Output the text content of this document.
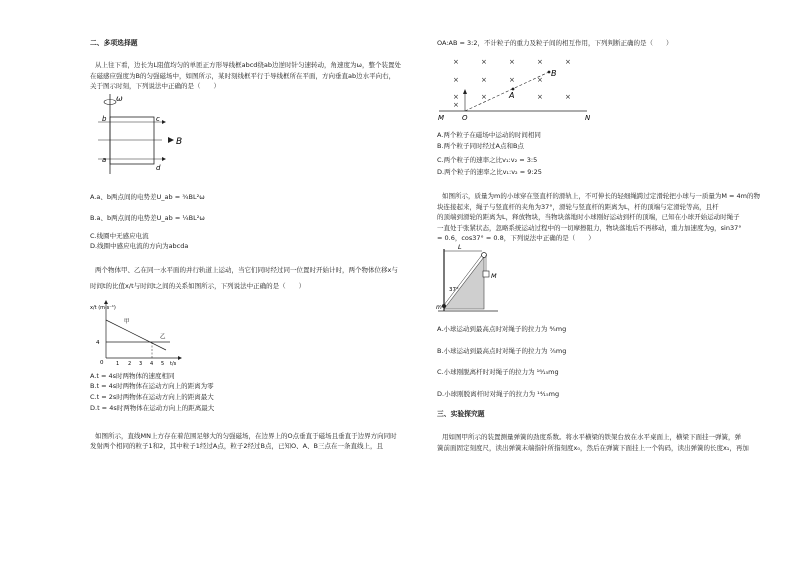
二、多项选择题
从上往下看，边长为L阻值均匀的单匝正方形导线框abcd绕ab边逆时针匀速转动，角速度为ω，整个装置处
在磁感应强度为B的匀强磁场中，如图所示，某时刻线框平行于导线框所在平面，方向垂直ab边水平向右，
关于图示时刻，下列说法中正确的是（　　）
ω
b	c
a
d
B
A.a、b两点间的电势差U_ab = ¾BL²ω
B.a、b两点间的电势差U_ab = ¼BL²ω
C.线圈中无感应电流
D.线圈中感应电流的方向为abcda
两个物体甲、乙在同一水平面的并行轨道上运动，当它们同时经过同一位置时开始计时，两个物体位移x与
时间t的比值x/t与时间t之间的关系如图所示，下列说法中正确的是（　　）
x/t (m·s⁻¹)
4
0
甲
乙
1 2 3 4 5 t/s
A.t = 4s时两物体的速度相同
B.t = 4s时两物体在运动方向上的距离为零
C.t = 2s时两物体在运动方向上的距离最大
D.t = 4s时两物体在运动方向上的距离最大
如图所示，直线MN上方存在着范围足够大的匀强磁场，在边界上的O点垂直于磁场且垂直于边界方向同时
发射两个相同的粒子1和2，其中粒子1经过A点，粒子2经过B点，已知O、A、B三点在一条直线上，且
OA:AB = 3:2，不计粒子的重力及粒子间的相互作用，下列判断正确的是（　　）
×	×	×	×	×
×	×	×	×
×	×	×	×
×
A
B
M	O	N
A.两个粒子在磁场中运动的时间相同
B.两个粒子同时经过A点和B点
C.两个粒子的速率之比v₁:v₂ = 3:5
D.两个粒子的速率之比v₁:v₂ = 9:25
如图所示，质量为m的小球穿在竖直杆的滑轨上，不可伸长的轻细绳跨过定滑轮把小球与一质量为M = 4m的物
块连接起来，绳子与竖直杆的夹角为37°，滑轮与竖直杆的距离为L，杆的顶端与定滑轮等高，且杆
的顶端到滑轮的距离为L，释放物块，当物块落地时小球刚好运动到杆的顶端，已知在小球开始运动时绳子
一直处于张紧状态，忽略系统运动过程中的一切摩擦阻力，物块落地后不再移动，重力加速度为g，sin37°
= 0.6，cos37° = 0.8，下列说法中正确的是（　　）
L
M
37°
m
A.小球运动到最高点时对绳子的拉力为 ⁸⁄₅mg
B.小球运动到最高点时对绳子的拉力为 ⁷⁄₅mg
C.小球刚脱离杆时对绳子的拉力为 ¹⁶⁄₁₅mg
D.小球刚脱离杆时对绳子的拉力为 ¹⁴⁄₁₅mg
三、实验探究题
用如图甲所示的装置测量弹簧的劲度系数。将水平横梁的铁架台放在水平桌面上，横梁下面挂一弹簧，弹
簧前面固定刻度尺，读出弹簧末端指针所指刻度x₀，然后在弹簧下面挂上一个钩码，读出弹簧的长度x₁，再加
